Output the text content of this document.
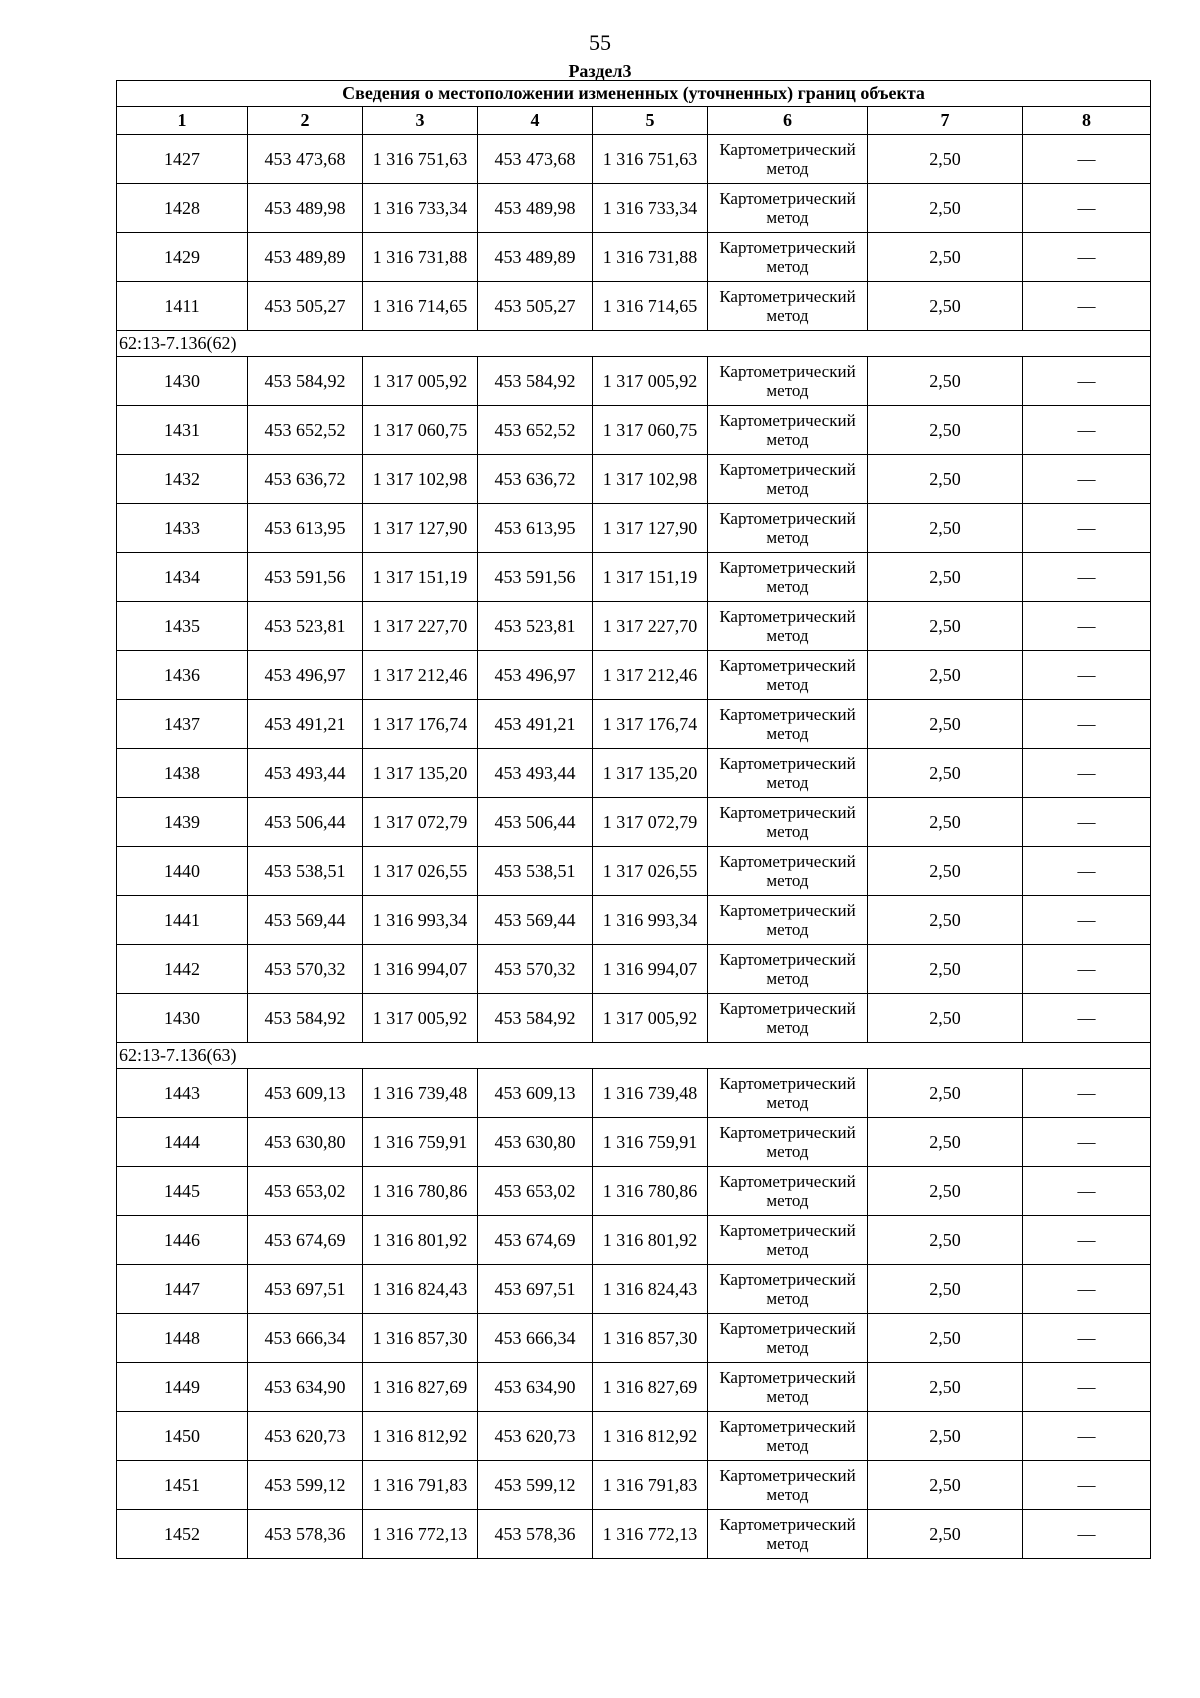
55
Раздел3
Сведения о местоположении измененных (уточненных) границ объекта							
1	2	3	4	5	6	7	8
1427	453 473,68	1 316 751,63	453 473,68	1 316 751,63	Картометрический метод	2,50	—
1428	453 489,98	1 316 733,34	453 489,98	1 316 733,34	Картометрический метод	2,50	—
1429	453 489,89	1 316 731,88	453 489,89	1 316 731,88	Картометрический метод	2,50	—
1411	453 505,27	1 316 714,65	453 505,27	1 316 714,65	Картометрический метод	2,50	—
62:13-7.136(62)							
1430	453 584,92	1 317 005,92	453 584,92	1 317 005,92	Картометрический метод	2,50	—
1431	453 652,52	1 317 060,75	453 652,52	1 317 060,75	Картометрический метод	2,50	—
1432	453 636,72	1 317 102,98	453 636,72	1 317 102,98	Картометрический метод	2,50	—
1433	453 613,95	1 317 127,90	453 613,95	1 317 127,90	Картометрический метод	2,50	—
1434	453 591,56	1 317 151,19	453 591,56	1 317 151,19	Картометрический метод	2,50	—
1435	453 523,81	1 317 227,70	453 523,81	1 317 227,70	Картометрический метод	2,50	—
1436	453 496,97	1 317 212,46	453 496,97	1 317 212,46	Картометрический метод	2,50	—
1437	453 491,21	1 317 176,74	453 491,21	1 317 176,74	Картометрический метод	2,50	—
1438	453 493,44	1 317 135,20	453 493,44	1 317 135,20	Картометрический метод	2,50	—
1439	453 506,44	1 317 072,79	453 506,44	1 317 072,79	Картометрический метод	2,50	—
1440	453 538,51	1 317 026,55	453 538,51	1 317 026,55	Картометрический метод	2,50	—
1441	453 569,44	1 316 993,34	453 569,44	1 316 993,34	Картометрический метод	2,50	—
1442	453 570,32	1 316 994,07	453 570,32	1 316 994,07	Картометрический метод	2,50	—
1430	453 584,92	1 317 005,92	453 584,92	1 317 005,92	Картометрический метод	2,50	—
62:13-7.136(63)							
1443	453 609,13	1 316 739,48	453 609,13	1 316 739,48	Картометрический метод	2,50	—
1444	453 630,80	1 316 759,91	453 630,80	1 316 759,91	Картометрический метод	2,50	—
1445	453 653,02	1 316 780,86	453 653,02	1 316 780,86	Картометрический метод	2,50	—
1446	453 674,69	1 316 801,92	453 674,69	1 316 801,92	Картометрический метод	2,50	—
1447	453 697,51	1 316 824,43	453 697,51	1 316 824,43	Картометрический метод	2,50	—
1448	453 666,34	1 316 857,30	453 666,34	1 316 857,30	Картометрический метод	2,50	—
1449	453 634,90	1 316 827,69	453 634,90	1 316 827,69	Картометрический метод	2,50	—
1450	453 620,73	1 316 812,92	453 620,73	1 316 812,92	Картометрический метод	2,50	—
1451	453 599,12	1 316 791,83	453 599,12	1 316 791,83	Картометрический метод	2,50	—
1452	453 578,36	1 316 772,13	453 578,36	1 316 772,13	Картометрический метод	2,50	—
